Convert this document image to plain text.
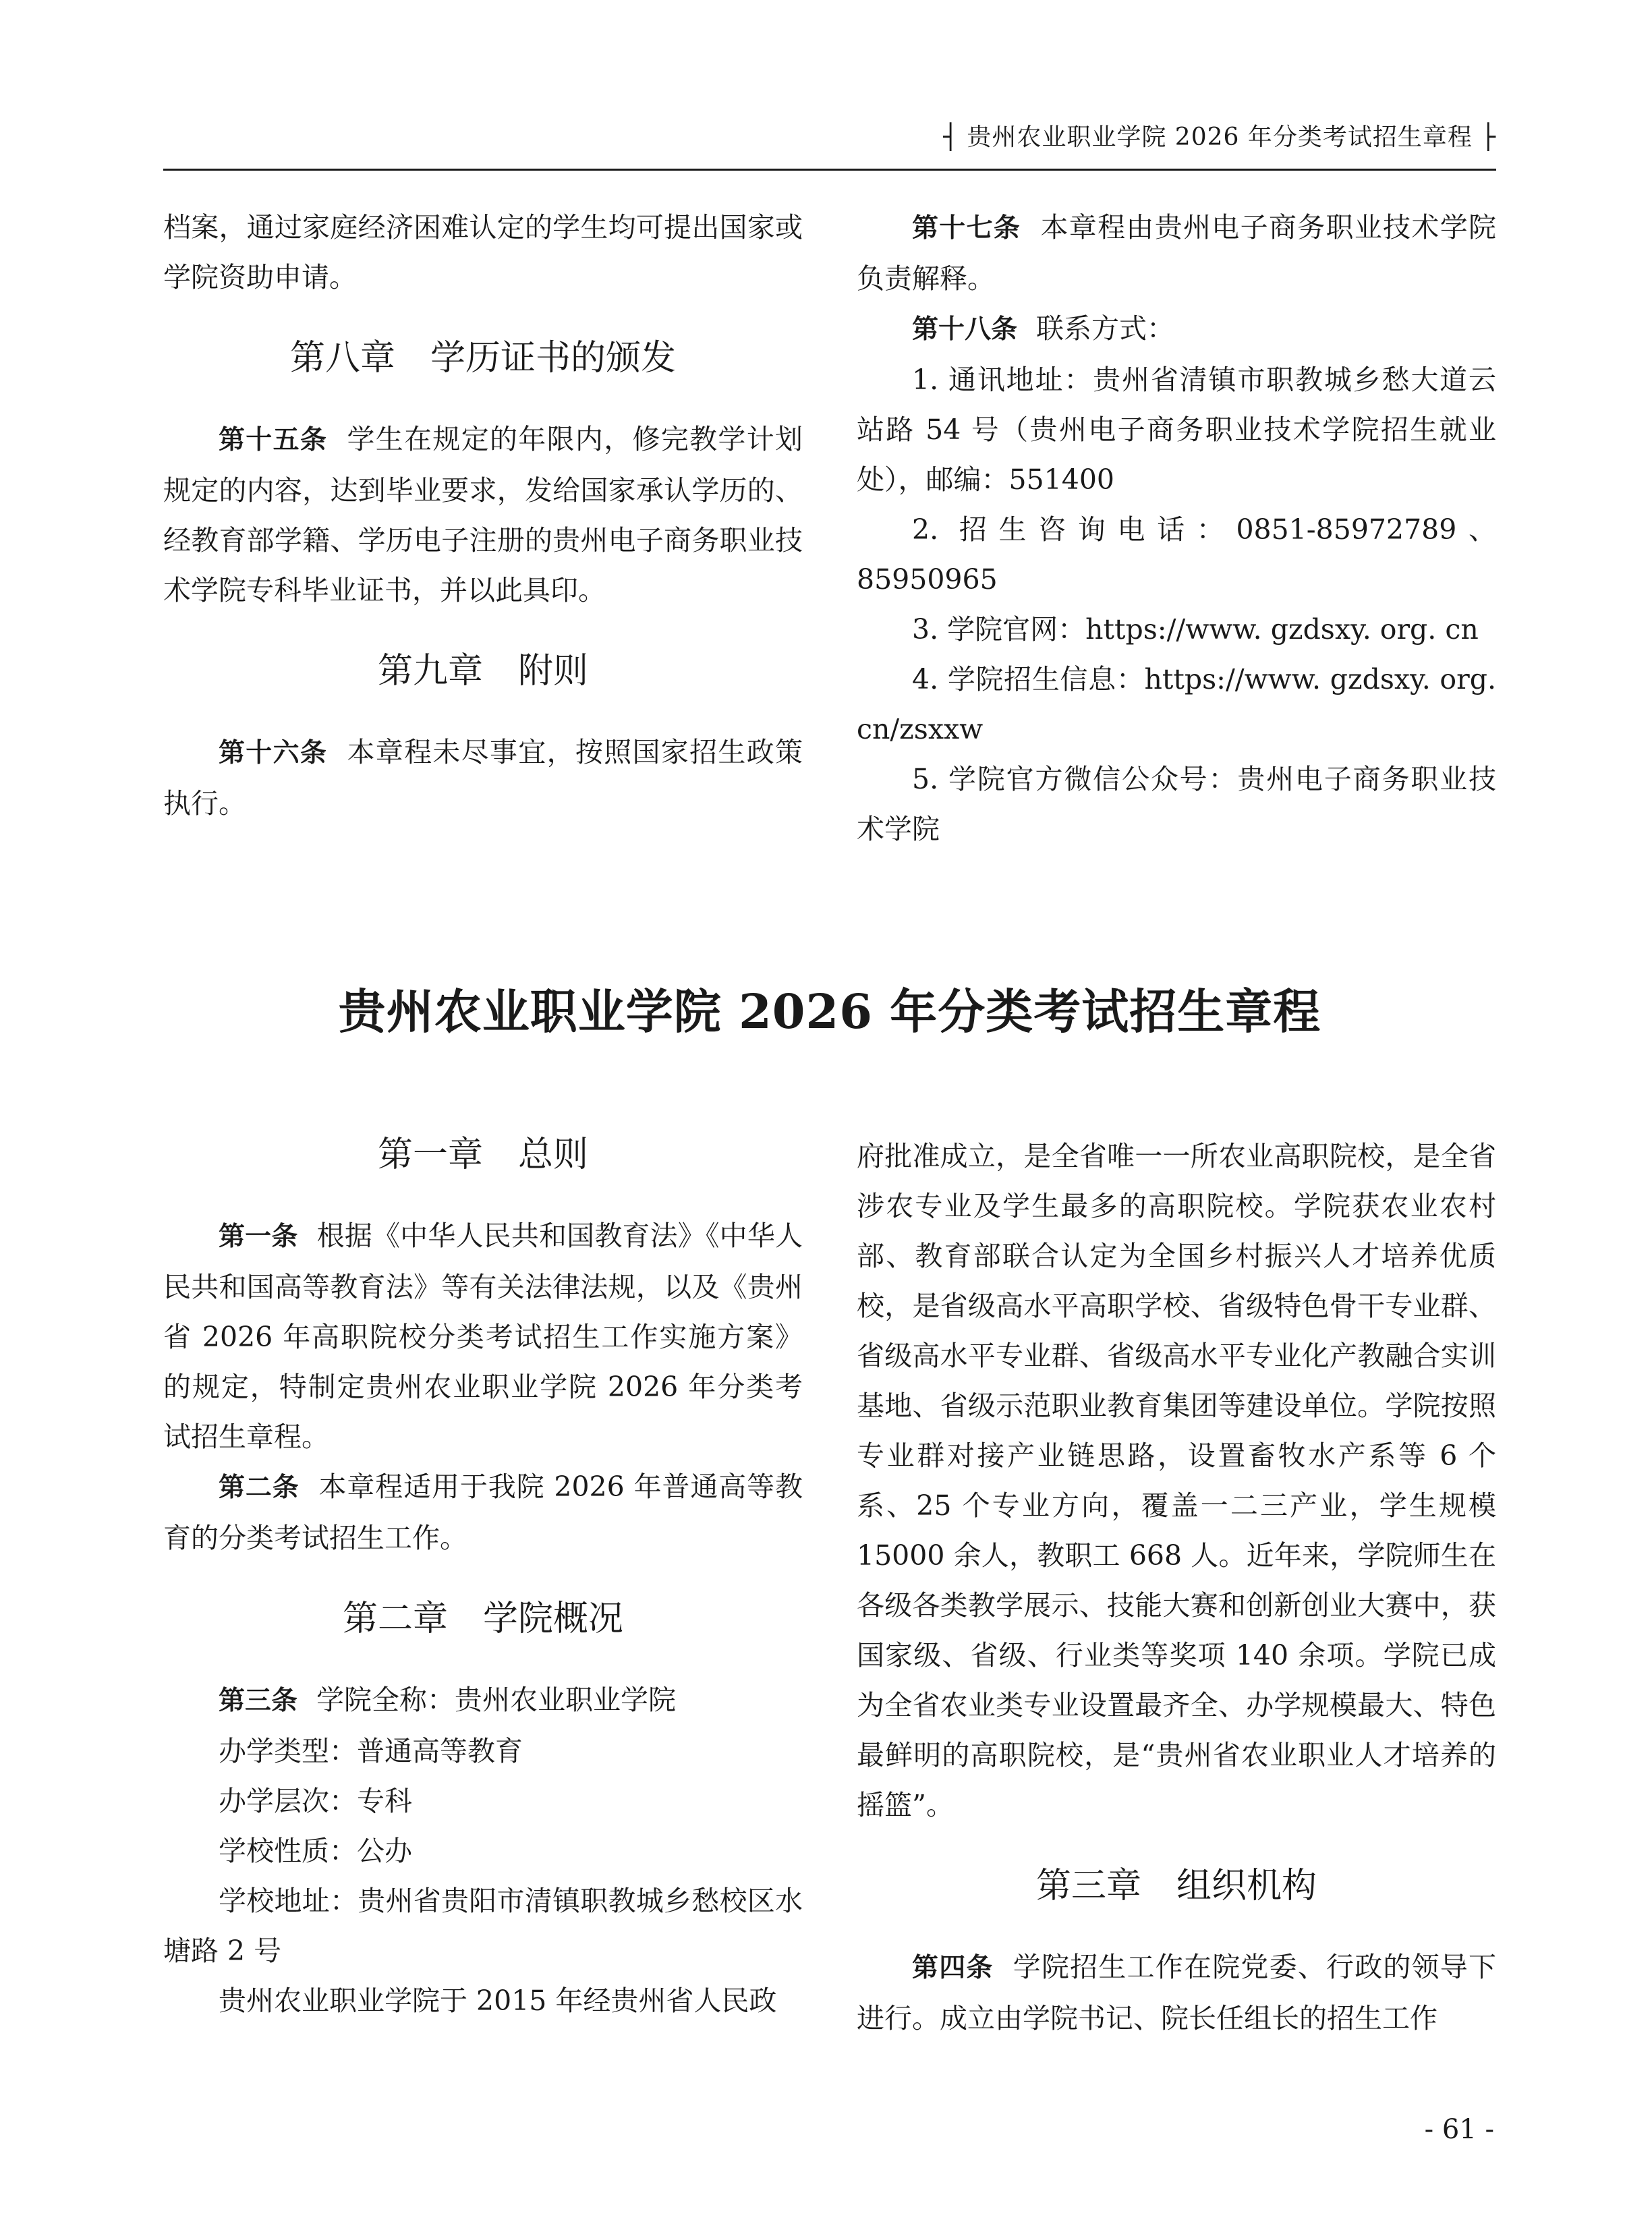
┤ 贵州农业职业学院 2026 年分类考试招生章程 ├

档案，通过家庭经济困难认定的学生均可提出国家或学院资助申请。

第八章 学历证书的颁发

第十五条 学生在规定的年限内，修完教学计划规定的内容，达到毕业要求，发给国家承认学历的、经教育部学籍、学历电子注册的贵州电子商务职业技术学院专科毕业证书，并以此具印。

第九章 附则

第十六条 本章程未尽事宜，按照国家招生政策执行。

第十七条 本章程由贵州电子商务职业技术学院负责解释。

第十八条 联系方式：

1. 通讯地址：贵州省清镇市职教城乡愁大道云站路 54 号（贵州电子商务职业技术学院招生就业处），邮编：551400

2. 招生咨询电话：0851-85972789、85950965

3. 学院官网：https://www. gzdsxy. org. cn

4. 学院招生信息：https://www. gzdsxy. org. cn/zsxxw

5. 学院官方微信公众号：贵州电子商务职业技术学院

贵州农业职业学院 2026 年分类考试招生章程
第一章 总则

第一条 根据《中华人民共和国教育法》《中华人民共和国高等教育法》等有关法律法规，以及《贵州省 2026 年高职院校分类考试招生工作实施方案》的规定，特制定贵州农业职业学院 2026 年分类考试招生章程。

第二条 本章程适用于我院 2026 年普通高等教育的分类考试招生工作。

第二章 学院概况

第三条 学院全称：贵州农业职业学院

办学类型：普通高等教育

办学层次：专科

学校性质：公办

学校地址：贵州省贵阳市清镇职教城乡愁校区水塘路 2 号

贵州农业职业学院于 2015 年经贵州省人民政

府批准成立，是全省唯一一所农业高职院校，是全省涉农专业及学生最多的高职院校。学院获农业农村部、教育部联合认定为全国乡村振兴人才培养优质校，是省级高水平高职学校、省级特色骨干专业群、省级高水平专业群、省级高水平专业化产教融合实训基地、省级示范职业教育集团等建设单位。学院按照专业群对接产业链思路，设置畜牧水产系等 6 个系、25 个专业方向，覆盖一二三产业，学生规模 15000 余人，教职工 668 人。近年来，学院师生在各级各类教学展示、技能大赛和创新创业大赛中，获国家级、省级、行业类等奖项 140 余项。学院已成为全省农业类专业设置最齐全、办学规模最大、特色最鲜明的高职院校，是“贵州省农业职业人才培养的摇篮”。

第三章 组织机构

第四条 学院招生工作在院党委、行政的领导下进行。成立由学院书记、院长任组长的招生工作

- 61 -
